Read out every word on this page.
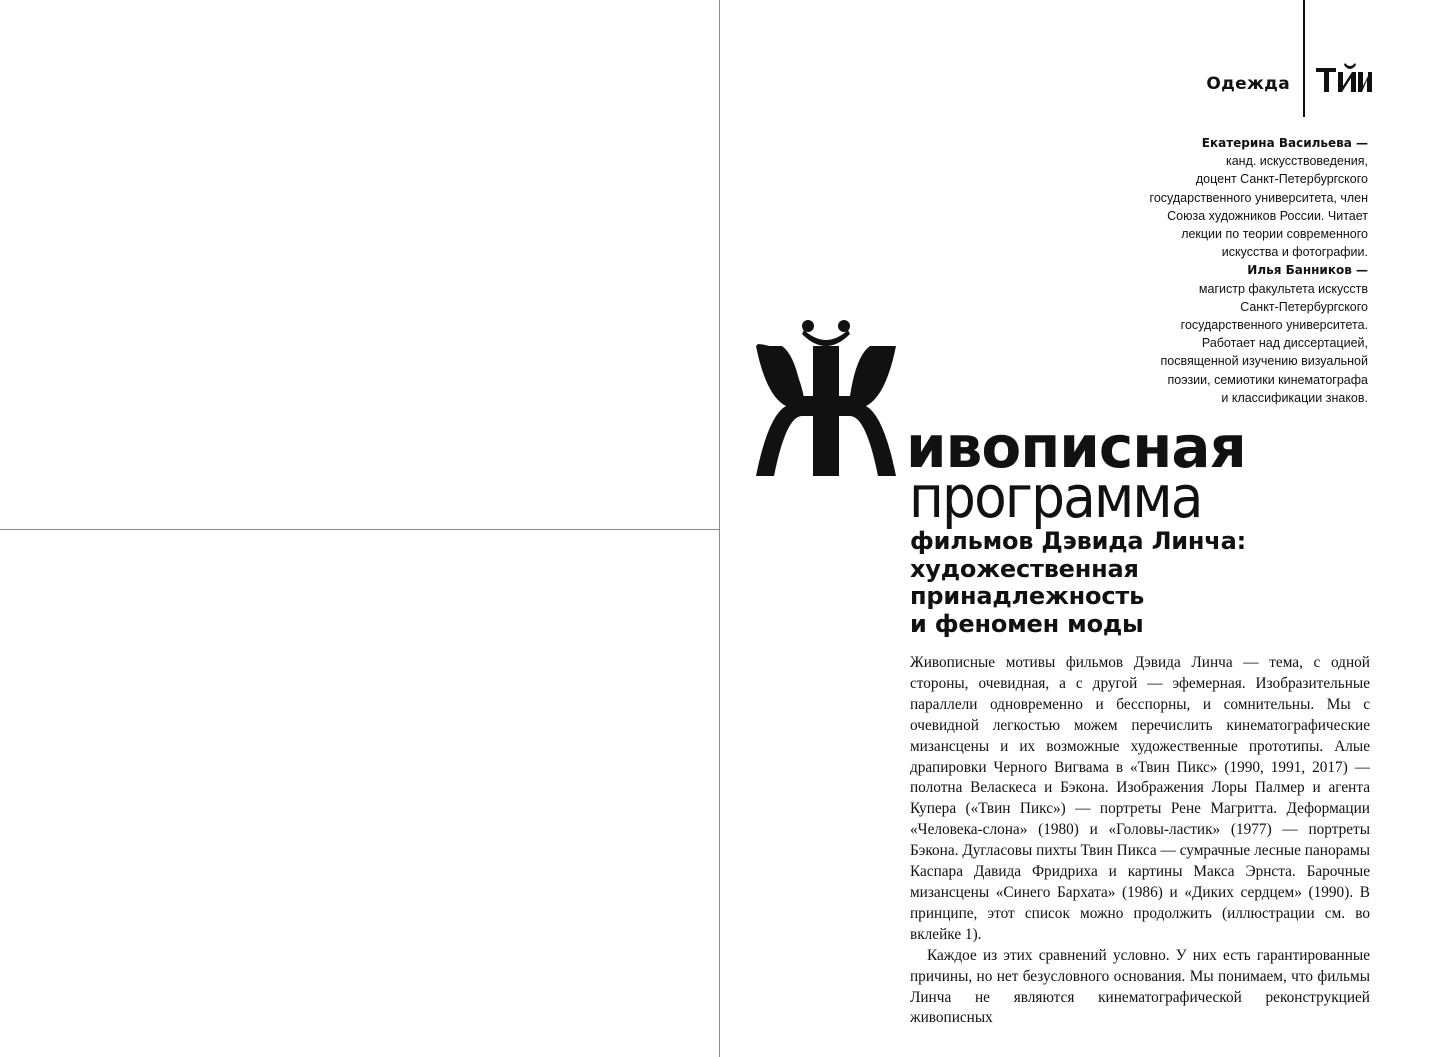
Одежда
Екатерина Васильева —
канд. искусствоведения,
доцент Санкт-Петербургского
государственного университета, член
Союза художников России. Читает
лекции по теории современного
искусства и фотографии.
Илья Банников —
магистр факультета искусств
Санкт-Петербургского
государственного университета.
Работает над диссертацией,
посвященной изучению визуальной
поэзии, семиотики кинематографа
и классификации знаков.
ивописная
программа
фильмов Дэвида Линча:
художественная
принадлежность
и феномен моды

Живописные мотивы фильмов Дэвида Линча — тема, с одной стороны, очевидная, а с другой — эфемерная. Изобразительные параллели одновременно и бесспорны, и сомнительны. Мы с очевидной легкостью можем перечислить кинематографические мизансцены и их возможные художественные прототипы. Алые драпировки Черного Вигвама в «Твин Пикс» (1990, 1991, 2017) — полотна Веласкеса и Бэкона. Изображения Лоры Палмер и агента Купера («Твин Пикс») — портреты Рене Магритта. Деформации «Человека-слона» (1980) и «Головы-ластик» (1977) — портреты Бэкона. Дугласовы пихты Твин Пикса — сумрачные лесные панорамы Каспара Давида Фридриха и картины Макса Эрнста. Барочные мизансцены «Синего Бархата» (1986) и «Диких сердцем» (1990). В принципе, этот список можно продолжить (иллюстрации см. во вклейке 1).

Каждое из этих сравнений условно. У них есть гарантированные причины, но нет безусловного основания. Мы понимаем, что фильмы Линча не являются кинематографической реконструкцией живописных
